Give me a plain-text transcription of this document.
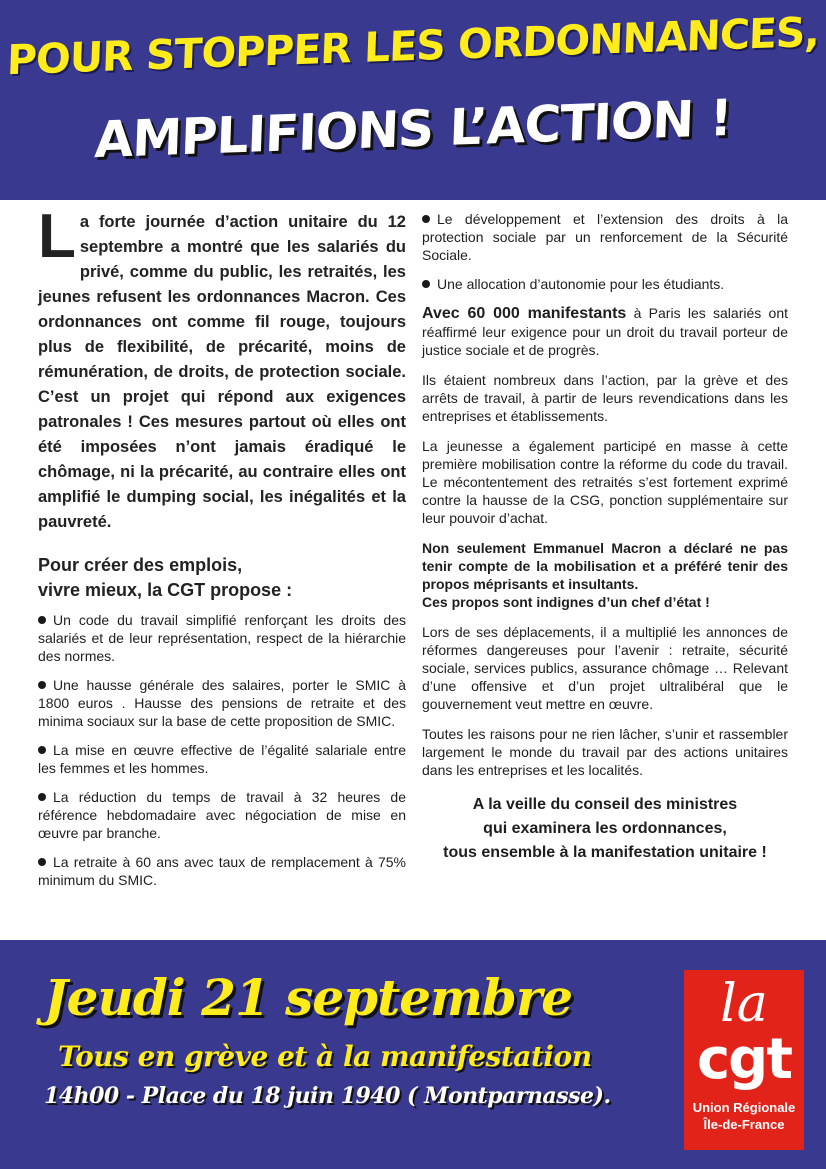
POUR STOPPER LES ORDONNANCES,
AMPLIFIONS L’ACTION !

La forte journée d’action unitaire du 12 septembre a montré que les salariés du privé, comme du public, les retraités, les jeunes refusent les ordonnances Macron. Ces ordonnances ont comme fil rouge, toujours plus de flexibilité, de précarité, moins de rémunération, de droits, de protection sociale. C’est un projet qui répond aux exigences patronales ! Ces mesures partout où elles ont été imposées n’ont jamais éradiqué le chômage, ni la précarité, au contraire elles ont amplifié le dumping social, les inégalités et la pauvreté.

Pour créer des emplois,
vivre mieux, la CGT propose :

Un code du travail simplifié renforçant les droits des salariés et de leur représentation, respect de la hiérarchie des normes.

Une hausse générale des salaires, porter le SMIC à 1800 euros . Hausse des pensions de retraite et des minima sociaux sur la base de cette proposition de SMIC.

La mise en œuvre effective de l’égalité salariale entre les femmes et les hommes.

La réduction du temps de travail à 32 heures de référence hebdomadaire avec négociation de mise en œuvre par branche.

La retraite à 60 ans avec taux de remplacement à 75% minimum du SMIC.

Le développement et l’extension des droits à la protection sociale par un renforcement de la Sécurité Sociale.

Une allocation d’autonomie pour les étudiants.

Avec 60 000 manifestants à Paris les salariés ont réaffirmé leur exigence pour un droit du travail porteur de justice sociale et de progrès.

Ils étaient nombreux dans l’action, par la grève et des arrêts de travail, à partir de leurs revendications dans les entreprises et établissements.

La jeunesse a également participé en masse à cette première mobilisation contre la réforme du code du travail. Le mécontentement des retraités s’est fortement exprimé contre la hausse de la CSG, ponction supplémentaire sur leur pouvoir d’achat.

Non seulement Emmanuel Macron a déclaré ne pas tenir compte de la mobilisation et a préféré tenir des propos méprisants et insultants.
Ces propos sont indignes d’un chef d’état !

Lors de ses déplacements, il a multiplié les annonces de réformes dangereuses pour l’avenir : retraite, sécurité sociale, services publics, assurance chômage … Relevant d’une offensive et d’un projet ultralibéral que le gouvernement veut mettre en œuvre.

Toutes les raisons pour ne rien lâcher, s’unir et rassembler largement le monde du travail par des actions unitaires dans les entreprises et les localités.

A la veille du conseil des ministres
qui examinera les ordonnances,
tous ensemble à la manifestation unitaire !
Jeudi 21 septembre
Tous en grève et à la manifestation
14h00 - Place du 18 juin 1940 ( Montparnasse).
la
cgt
Union Régionale
Île-de-France
